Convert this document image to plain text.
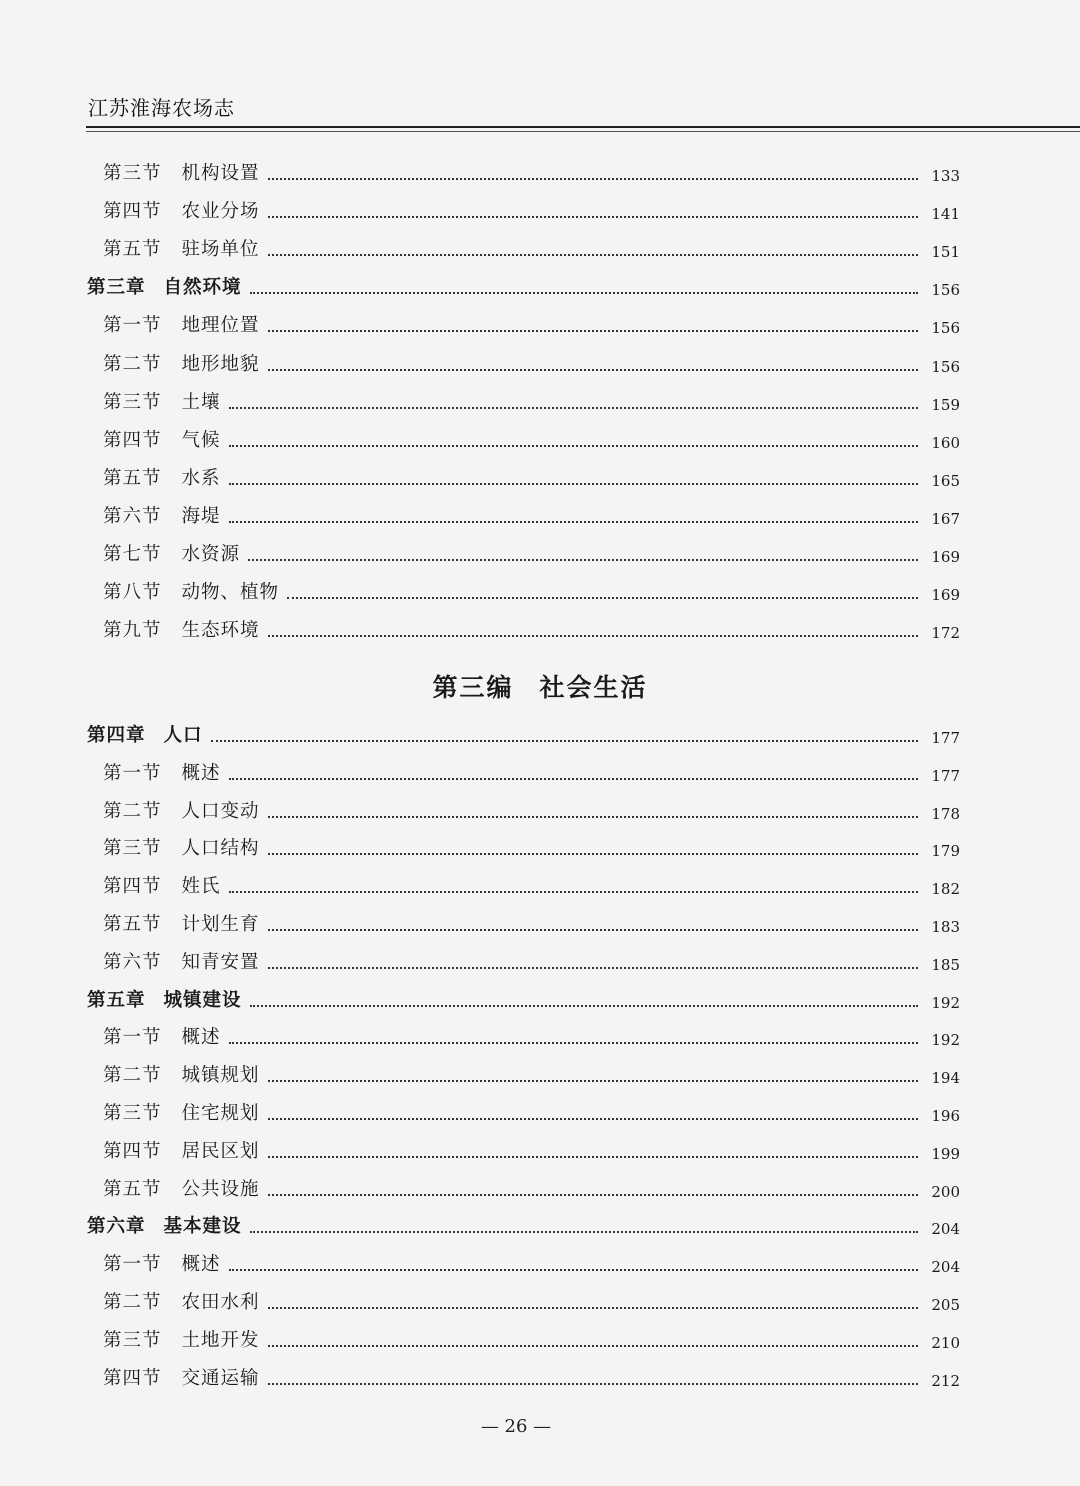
江苏淮海农场志
第三节 机构设置	133
第四节 农业分场	141
第五节 驻场单位	151
第三章 自然环境	156
第一节 地理位置	156
第二节 地形地貌	156
第三节 土壤	159
第四节 气候	160
第五节 水系	165
第六节 海堤	167
第七节 水资源	169
第八节 动物、植物	169
第九节 生态环境	172
第三编 社会生活
第四章 人口	177
第一节 概述	177
第二节 人口变动	178
第三节 人口结构	179
第四节 姓氏	182
第五节 计划生育	183
第六节 知青安置	185
第五章 城镇建设	192
第一节 概述	192
第二节 城镇规划	194
第三节 住宅规划	196
第四节 居民区划	199
第五节 公共设施	200
第六章 基本建设	204
第一节 概述	204
第二节 农田水利	205
第三节 土地开发	210
第四节 交通运输	212
— 26 —
